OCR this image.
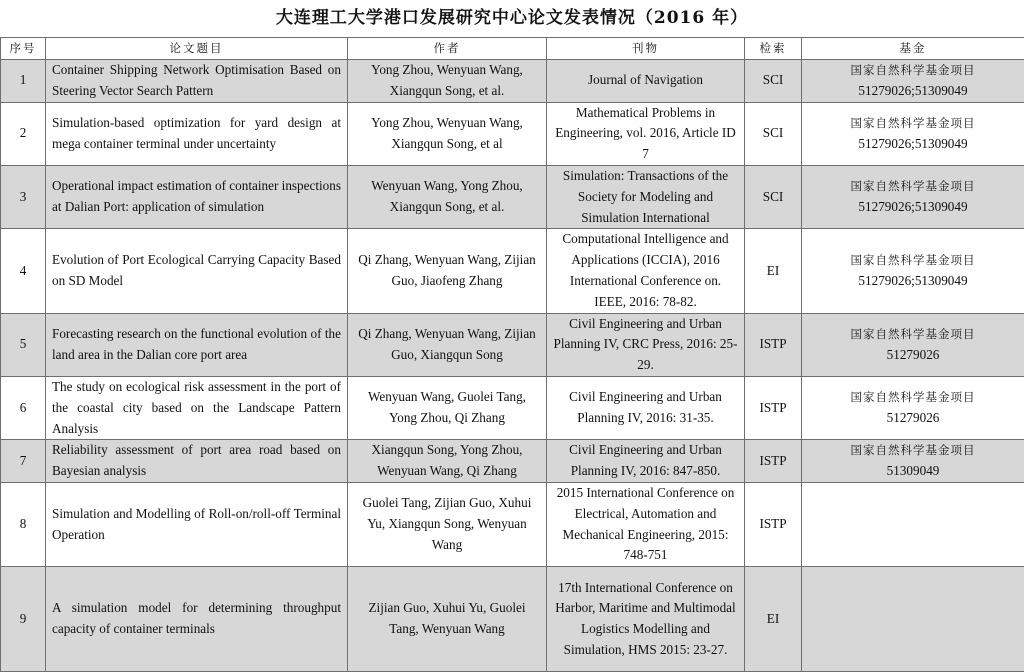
大连理工大学港口发展研究中心论文发表情况（2016 年）
序号	论文题目	作者	刊物	检索	基金
1	Container Shipping Network Optimisation Based on Steering Vector Search Pattern	Yong Zhou, Wenyuan Wang, Xiangqun Song, et al.	Journal of Navigation	SCI	国家自然科学基金项目
51279026;51309049
2	Simulation-based optimization for yard design at mega container terminal under uncertainty	Yong Zhou, Wenyuan Wang, Xiangqun Song, et al	Mathematical Problems in Engineering, vol. 2016, Article ID 7	SCI	国家自然科学基金项目
51279026;51309049
3	Operational impact estimation of container inspections at Dalian Port: application of simulation	Wenyuan Wang, Yong Zhou, Xiangqun Song, et al.	Simulation: Transactions of the Society for Modeling and Simulation International	SCI	国家自然科学基金项目
51279026;51309049
4	Evolution of Port Ecological Carrying Capacity Based on SD Model	Qi Zhang, Wenyuan Wang, Zijian Guo, Jiaofeng Zhang	Computational Intelligence and Applications (ICCIA), 2016 International Conference on. IEEE, 2016: 78-82.	EI	国家自然科学基金项目
51279026;51309049
5	Forecasting research on the functional evolution of the land area in the Dalian core port area	Qi Zhang, Wenyuan Wang, Zijian Guo, Xiangqun Song	Civil Engineering and Urban Planning IV, CRC Press, 2016: 25-29.	ISTP	国家自然科学基金项目
51279026
6	The study on ecological risk assessment in the port of the coastal city based on the Landscape Pattern Analysis	Wenyuan Wang, Guolei Tang, Yong Zhou, Qi Zhang	Civil Engineering and Urban Planning IV, 2016: 31-35.	ISTP	国家自然科学基金项目
51279026
7	Reliability assessment of port area road based on Bayesian analysis	Xiangqun Song, Yong Zhou, Wenyuan Wang, Qi Zhang	Civil Engineering and Urban Planning IV, 2016: 847-850.	ISTP	国家自然科学基金项目
51309049
8	Simulation and Modelling of Roll-on/roll-off Terminal Operation	Guolei Tang, Zijian Guo, Xuhui Yu, Xiangqun Song, Wenyuan Wang	2015 International Conference on Electrical, Automation and Mechanical Engineering, 2015: 748-751	ISTP	
9	A simulation model for determining throughput capacity of container terminals	Zijian Guo, Xuhui Yu, Guolei Tang, Wenyuan Wang	17th International Conference on Harbor, Maritime and Multimodal Logistics Modelling and Simulation, HMS 2015: 23-27.	EI	
